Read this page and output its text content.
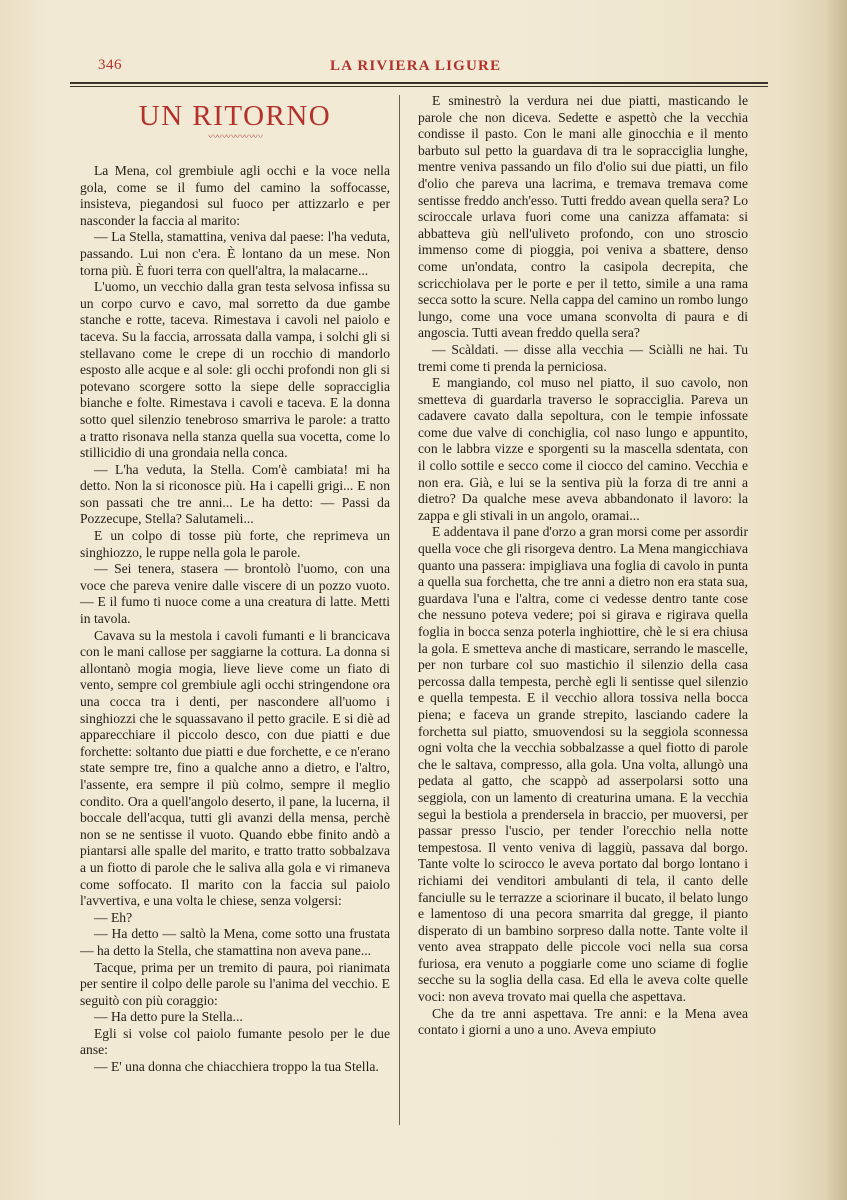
346	LA RIVIERA LIGURE
UN RITORNO
〰〰〰〰〰〰

La Mena, col grembiule agli occhi e la voce nella gola, come se il fumo del camino la soffocasse, insisteva, piegandosi sul fuoco per attizzarlo e per nasconder la faccia al marito:

— La Stella, stamattina, veniva dal paese: l'ha veduta, passando. Lui non c'era. È lontano da un mese. Non torna più. È fuori terra con quell'altra, la malacarne...

L'uomo, un vecchio dalla gran testa selvosa infissa su un corpo curvo e cavo, mal sorretto da due gambe stanche e rotte, taceva. Rimestava i cavoli nel paiolo e taceva. Su la faccia, arrossata dalla vampa, i solchi gli si stellavano come le crepe di un rocchio di mandorlo esposto alle acque e al sole: gli occhi profondi non gli si potevano scorgere sotto la siepe delle sopracciglia bianche e folte. Rimestava i cavoli e taceva. E la donna sotto quel silenzio tenebroso smarriva le parole: a tratto a tratto risonava nella stanza quella sua vocetta, come lo stillicidio di una grondaia nella conca.

— L'ha veduta, la Stella. Com'è cambiata! mi ha detto. Non la si riconosce più. Ha i capelli grigi... E non son passati che tre anni... Le ha detto: — Passi da Pozzecupe, Stella? Salutameli...

E un colpo di tosse più forte, che reprimeva un singhiozzo, le ruppe nella gola le parole.

— Sei tenera, stasera — brontolò l'uomo, con una voce che pareva venire dalle viscere di un pozzo vuoto. — E il fumo ti nuoce come a una creatura di latte. Metti in tavola.

Cavava su la mestola i cavoli fumanti e li brancicava con le mani callose per saggiarne la cottura. La donna si allontanò mogia mogia, lieve lieve come un fiato di vento, sempre col grembiule agli occhi stringendone ora una cocca tra i denti, per nascondere all'uomo i singhiozzi che le squassavano il petto gracile. E si diè ad apparecchiare il piccolo desco, con due piatti e due forchette: soltanto due piatti e due forchette, e ce n'erano state sempre tre, fino a qualche anno a dietro, e l'altro, l'assente, era sempre il più colmo, sempre il meglio condito. Ora a quell'angolo deserto, il pane, la lucerna, il boccale dell'acqua, tutti gli avanzi della mensa, perchè non se ne sentisse il vuoto. Quando ebbe finito andò a piantarsi alle spalle del marito, e tratto tratto sobbalzava a un fiotto di parole che le saliva alla gola e vi rimaneva come soffocato. Il marito con la faccia sul paiolo l'avvertiva, e una volta le chiese, senza volgersi:

— Eh?

— Ha detto — saltò la Mena, come sotto una frustata — ha detto la Stella, che stamattina non aveva pane...

Tacque, prima per un tremito di paura, poi rianimata per sentire il colpo delle parole su l'anima del vecchio. E seguitò con più coraggio:

— Ha detto pure la Stella...

Egli si volse col paiolo fumante pesolo per le due anse:

— E' una donna che chiacchiera troppo la tua Stella.

E sminestrò la verdura nei due piatti, masticando le parole che non diceva. Sedette e aspettò che la vecchia condisse il pasto. Con le mani alle ginocchia e il mento barbuto sul petto la guardava di tra le sopracciglia lunghe, mentre veniva passando un filo d'olio sui due piatti, un filo d'olio che pareva una lacrima, e tremava tremava come sentisse freddo anch'esso. Tutti freddo avean quella sera? Lo sciroccale urlava fuori come una canizza affamata: si abbatteva giù nell'uliveto profondo, con uno stroscio immenso come di pioggia, poi veniva a sbattere, denso come un'ondata, contro la casipola decrepita, che scricchiolava per le porte e per il tetto, simile a una rama secca sotto la scure. Nella cappa del camino un rombo lungo lungo, come una voce umana sconvolta di paura e di angoscia. Tutti avean freddo quella sera?

— Scàldati. — disse alla vecchia — Sciàlli ne hai. Tu tremi come ti prenda la perniciosa.

E mangiando, col muso nel piatto, il suo cavolo, non smetteva di guardarla traverso le sopracciglia. Pareva un cadavere cavato dalla sepoltura, con le tempie infossate come due valve di conchiglia, col naso lungo e appuntito, con le labbra vizze e sporgenti su la mascella sdentata, con il collo sottile e secco come il ciocco del camino. Vecchia e non era. Già, e lui se la sentiva più la forza di tre anni a dietro? Da qualche mese aveva abbandonato il lavoro: la zappa e gli stivali in un angolo, oramai...

E addentava il pane d'orzo a gran morsi come per assordir quella voce che gli risorgeva dentro. La Mena mangicchiava quanto una passera: impigliava una foglia di cavolo in punta a quella sua forchetta, che tre anni a dietro non era stata sua, guardava l'una e l'altra, come ci vedesse dentro tante cose che nessuno poteva vedere; poi si girava e rigirava quella foglia in bocca senza poterla inghiottire, chè le si era chiusa la gola. E smetteva anche di masticare, serrando le mascelle, per non turbare col suo mastichio il silenzio della casa percossa dalla tempesta, perchè egli li sentisse quel silenzio e quella tempesta. E il vecchio allora tossiva nella bocca piena; e faceva un grande strepito, lasciando cadere la forchetta sul piatto, smuovendosi su la seggiola sconnessa ogni volta che la vecchia sobbalzasse a quel fiotto di parole che le saltava, compresso, alla gola. Una volta, allungò una pedata al gatto, che scappò ad asserpolarsi sotto una seggiola, con un lamento di creaturina umana. E la vecchia seguì la bestiola a prendersela in braccio, per muoversi, per passar presso l'uscio, per tender l'orecchio nella notte tempestosa. Il vento veniva di laggiù, passava dal borgo. Tante volte lo scirocco le aveva portato dal borgo lontano i richiami dei venditori ambulanti di tela, il canto delle fanciulle su le terrazze a sciorinare il bucato, il belato lungo e lamentoso di una pecora smarrita dal gregge, il pianto disperato di un bambino sorpreso dalla notte. Tante volte il vento avea strappato delle piccole voci nella sua corsa furiosa, era venuto a poggiarle come uno sciame di foglie secche su la soglia della casa. Ed ella le aveva colte quelle voci: non aveva trovato mai quella che aspettava.

Che da tre anni aspettava. Tre anni: e la Mena avea contato i giorni a uno a uno. Aveva empiuto
